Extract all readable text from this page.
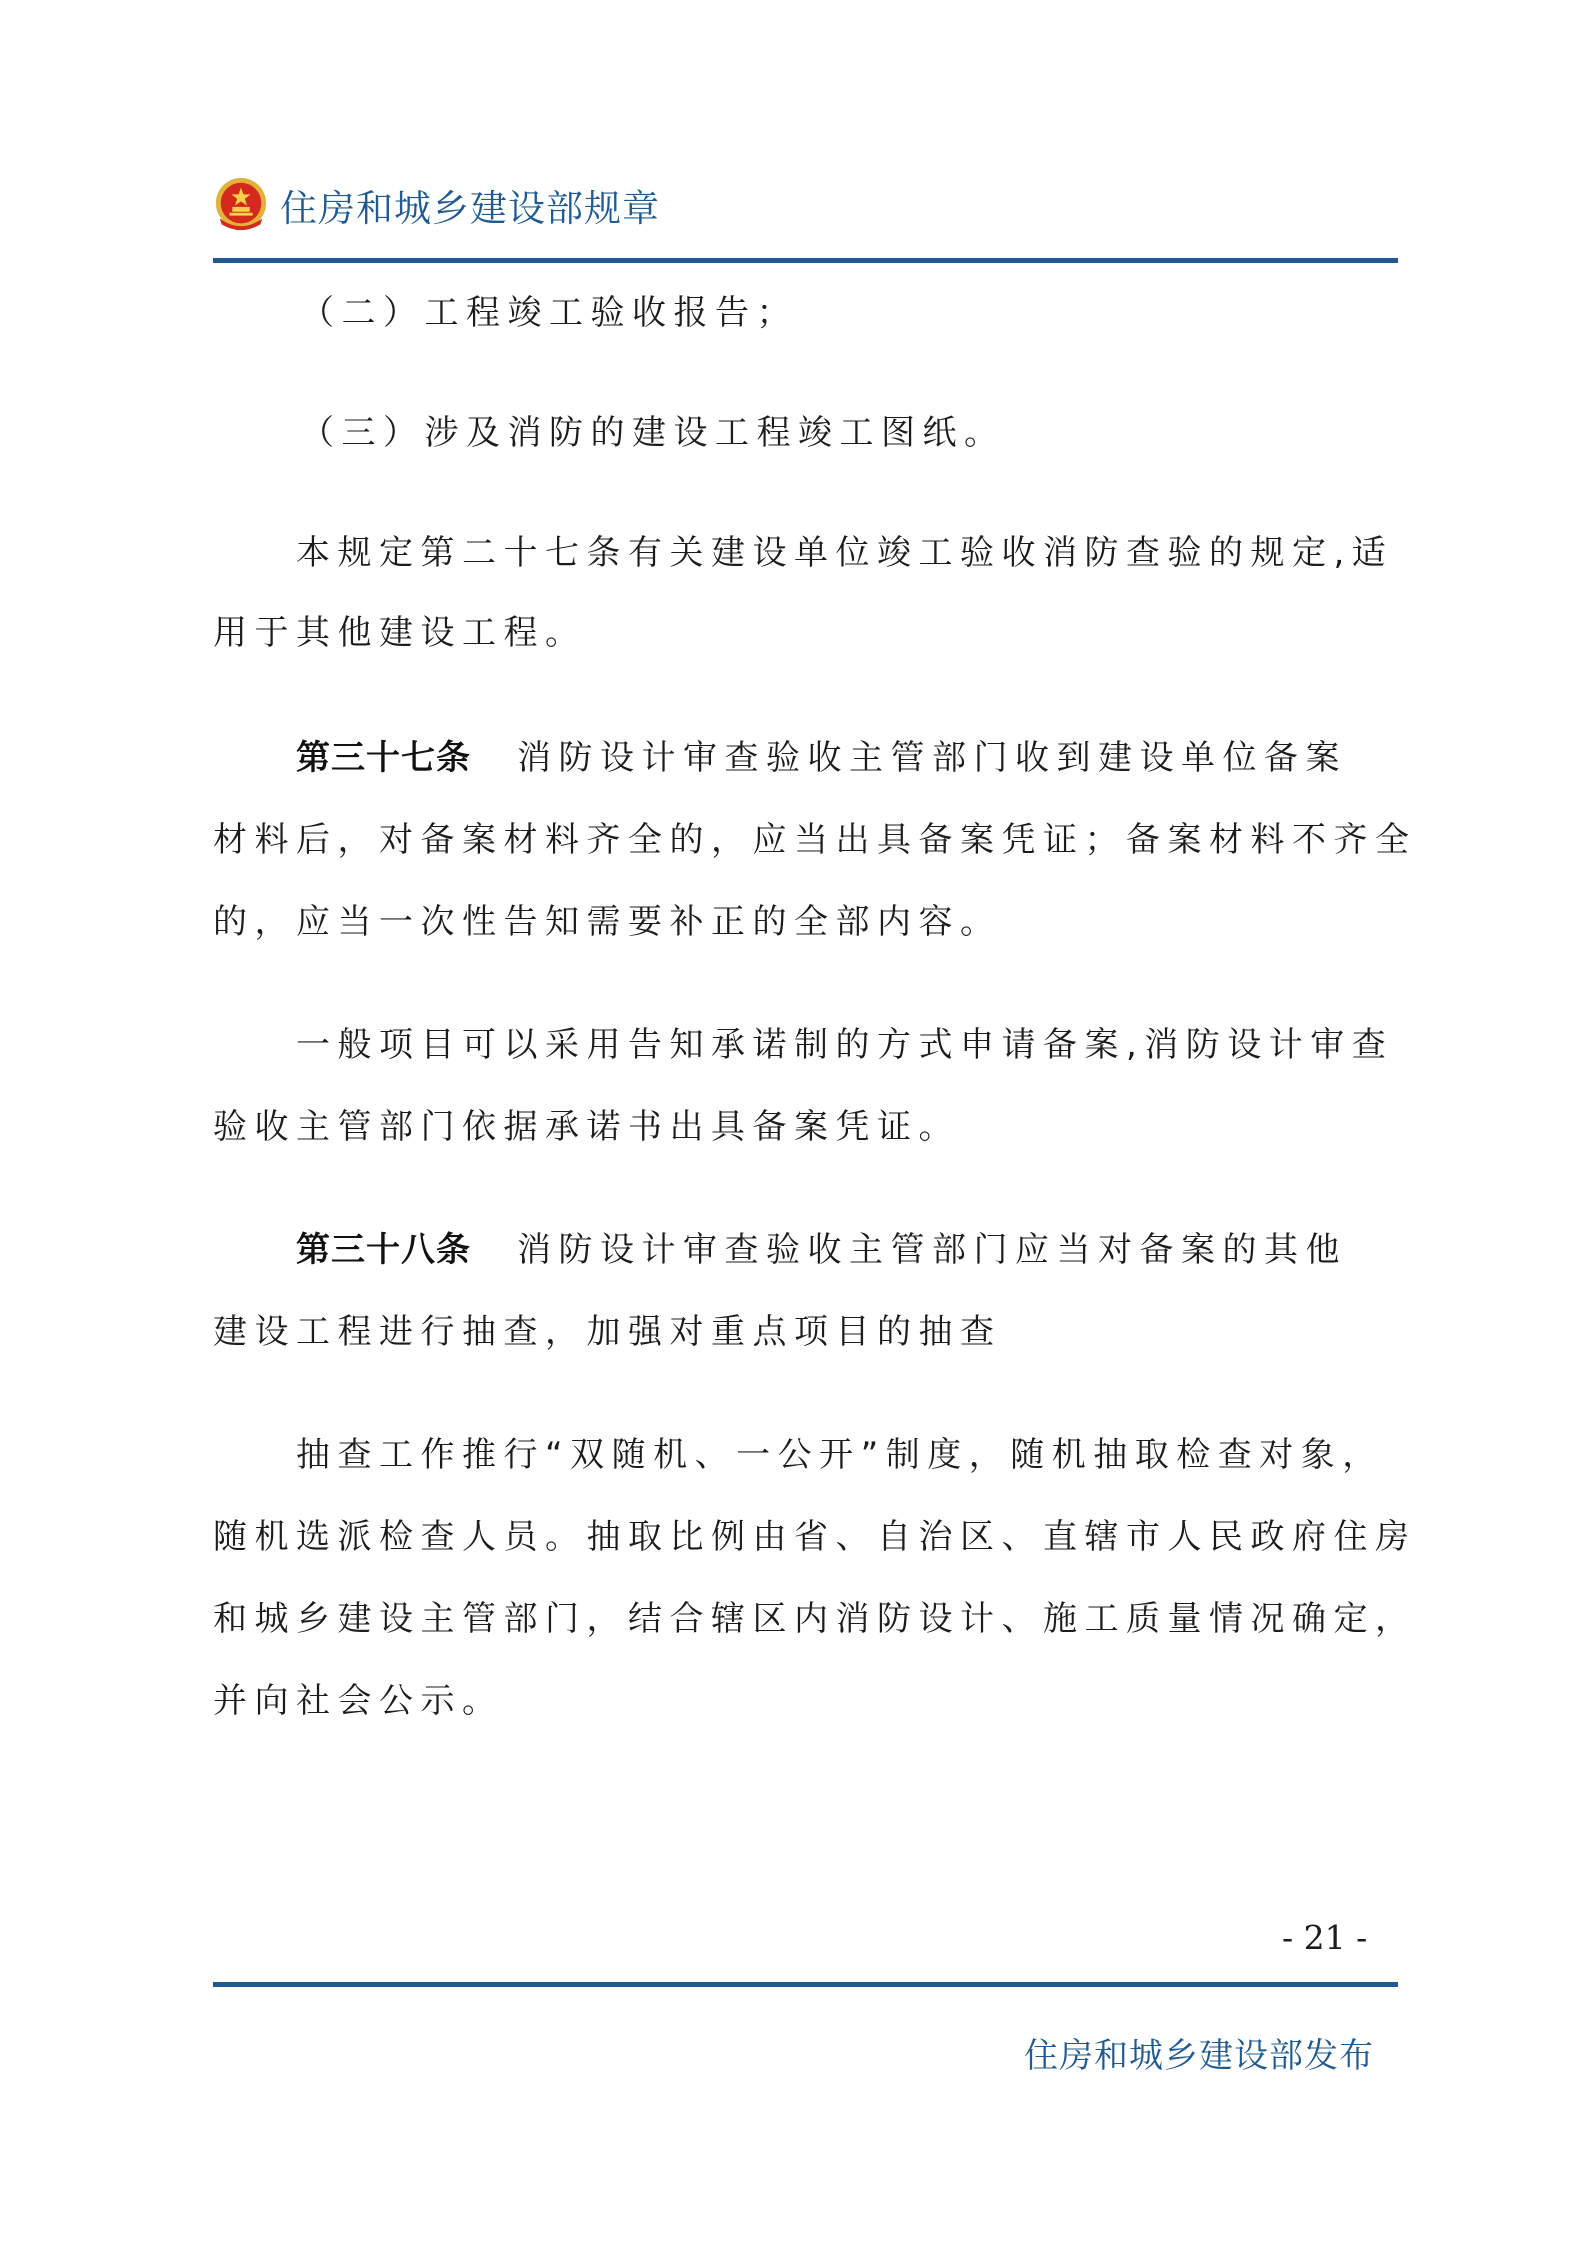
住房和城乡建设部规章
（二）工程竣工验收报告；
（三）涉及消防的建设工程竣工图纸。
本规定第二十七条有关建设单位竣工验收消防查验的规定,适
用于其他建设工程。
第三十七条 消防设计审查验收主管部门收到建设单位备案
材料后，对备案材料齐全的，应当出具备案凭证；备案材料不齐全
的，应当一次性告知需要补正的全部内容。
一般项目可以采用告知承诺制的方式申请备案,消防设计审查
验收主管部门依据承诺书出具备案凭证。
第三十八条 消防设计审查验收主管部门应当对备案的其他
建设工程进行抽查，加强对重点项目的抽查
抽查工作推行“双随机、一公开”制度，随机抽取检查对象，
随机选派检查人员。抽取比例由省、自治区、直辖市人民政府住房
和城乡建设主管部门，结合辖区内消防设计、施工质量情况确定，
并向社会公示。
- 21 -
住房和城乡建设部发布
